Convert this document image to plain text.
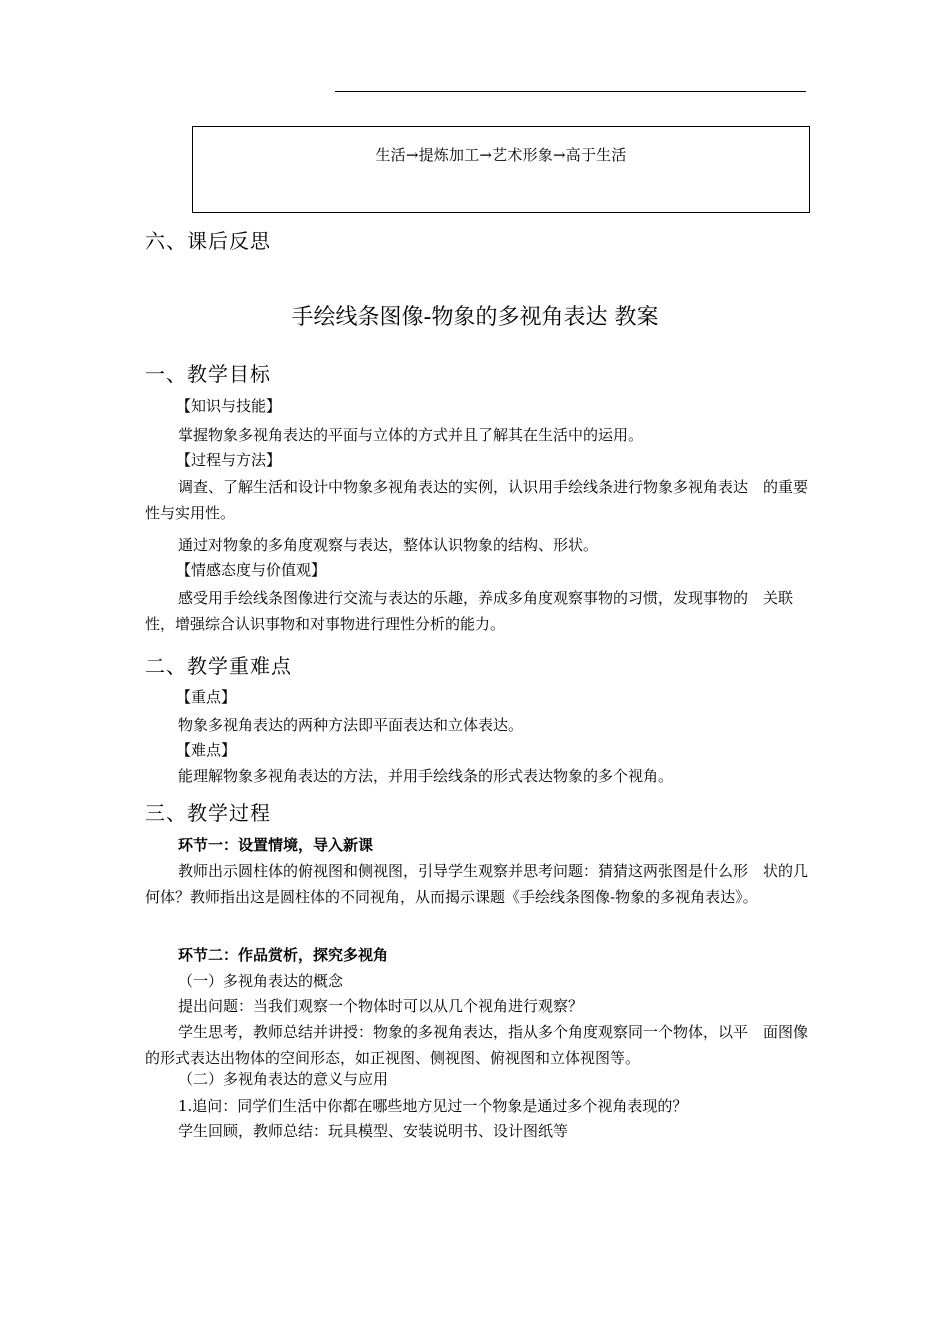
生活→提炼加工→艺术形象→高于生活
六、课后反思
手绘线条图像-物象的多视角表达 教案
一、教学目标
【知识与技能】
掌握物象多视角表达的平面与立体的方式并且了解其在生活中的运用。
【过程与方法】
调查、了解生活和设计中物象多视角表达的实例，认识用手绘线条进行物象多视角表达　的重要性与实用性。
通过对物象的多角度观察与表达，整体认识物象的结构、形状。
【情感态度与价值观】
感受用手绘线条图像进行交流与表达的乐趣，养成多角度观察事物的习惯，发现事物的　关联性，增强综合认识事物和对事物进行理性分析的能力。
二、教学重难点
【重点】
物象多视角表达的两种方法即平面表达和立体表达。
【难点】
能理解物象多视角表达的方法，并用手绘线条的形式表达物象的多个视角。
三、教学过程
环节一：设置情境，导入新课
教师出示圆柱体的俯视图和侧视图，引导学生观察并思考问题：猜猜这两张图是什么形　状的几何体？教师指出这是圆柱体的不同视角，从而揭示课题《手绘线条图像-物象的多视角表达》。
环节二：作品赏析，探究多视角
（一）多视角表达的概念
提出问题：当我们观察一个物体时可以从几个视角进行观察？
学生思考，教师总结并讲授：物象的多视角表达，指从多个角度观察同一个物体，以平　面图像的形式表达出物体的空间形态，如正视图、侧视图、俯视图和立体视图等。
（二）多视角表达的意义与应用
1.追问：同学们生活中你都在哪些地方见过一个物象是通过多个视角表现的？
学生回顾，教师总结：玩具模型、安装说明书、设计图纸等
